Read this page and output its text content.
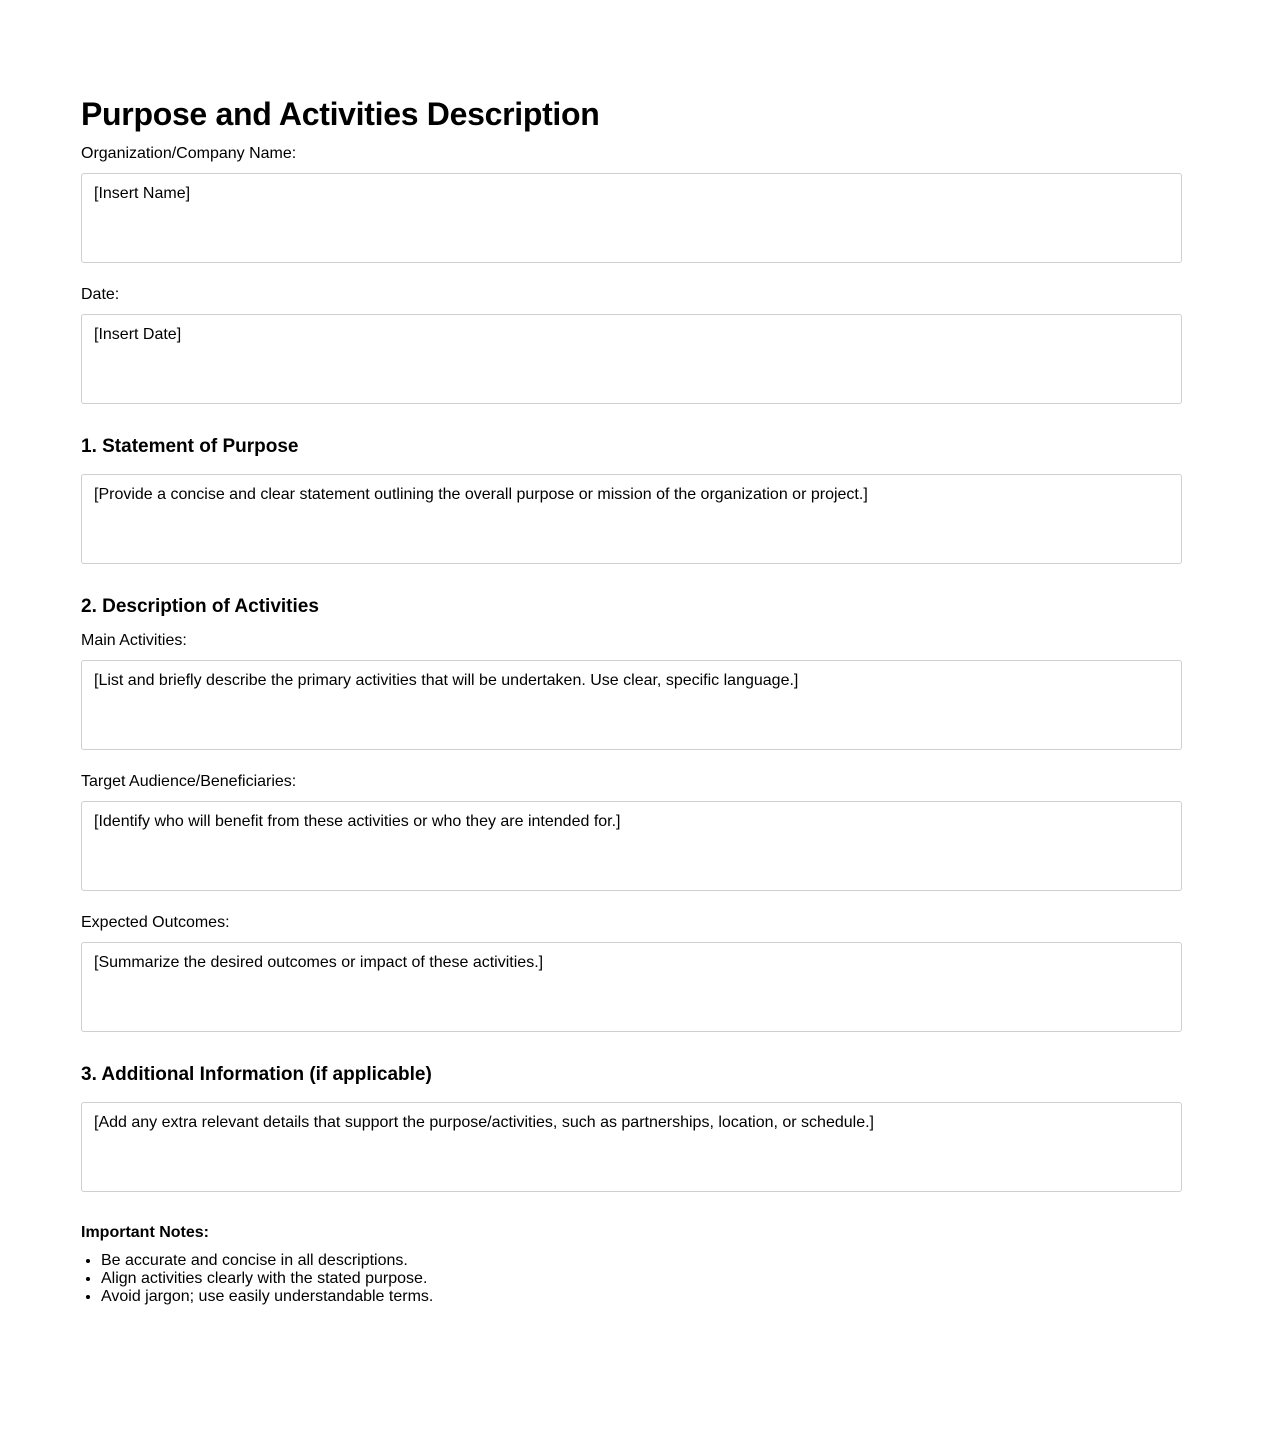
Purpose and Activities Description
Organization/Company Name:
[Insert Name]
Date:
[Insert Date]
1. Statement of Purpose
[Provide a concise and clear statement outlining the overall purpose or mission of the organization or project.]
2. Description of Activities
Main Activities:
[List and briefly describe the primary activities that will be undertaken. Use clear, specific language.]
Target Audience/Beneficiaries:
[Identify who will benefit from these activities or who they are intended for.]
Expected Outcomes:
[Summarize the desired outcomes or impact of these activities.]
3. Additional Information (if applicable)
[Add any extra relevant details that support the purpose/activities, such as partnerships, location, or schedule.]
Important Notes:
• Be accurate and concise in all descriptions.
• Align activities clearly with the stated purpose.
• Avoid jargon; use easily understandable terms.
